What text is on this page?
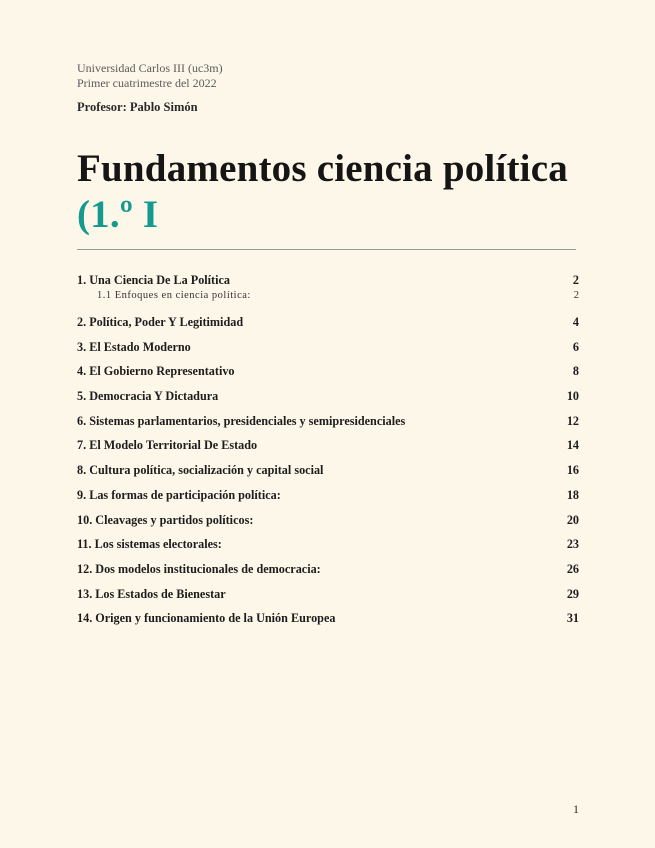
Universidad Carlos III (uc3m)
Primer cuatrimestre del 2022
Profesor: Pablo Simón
Fundamentos ciencia política
(1.º I
1. Una Ciencia De La Política	2
1.1 Enfoques en ciencia política:	2
2. Política, Poder Y Legitimidad	4
3. El Estado Moderno	6
4. El Gobierno Representativo	8
5. Democracia Y Dictadura	10
6. Sistemas parlamentarios, presidenciales y semipresidenciales	12
7. El Modelo Territorial De Estado	14
8. Cultura política, socialización y capital social	16
9. Las formas de participación política:	18
10. Cleavages y partidos políticos:	20
11. Los sistemas electorales:	23
12. Dos modelos institucionales de democracia:	26
13. Los Estados de Bienestar	29
14. Origen y funcionamiento de la Unión Europea	31
1
